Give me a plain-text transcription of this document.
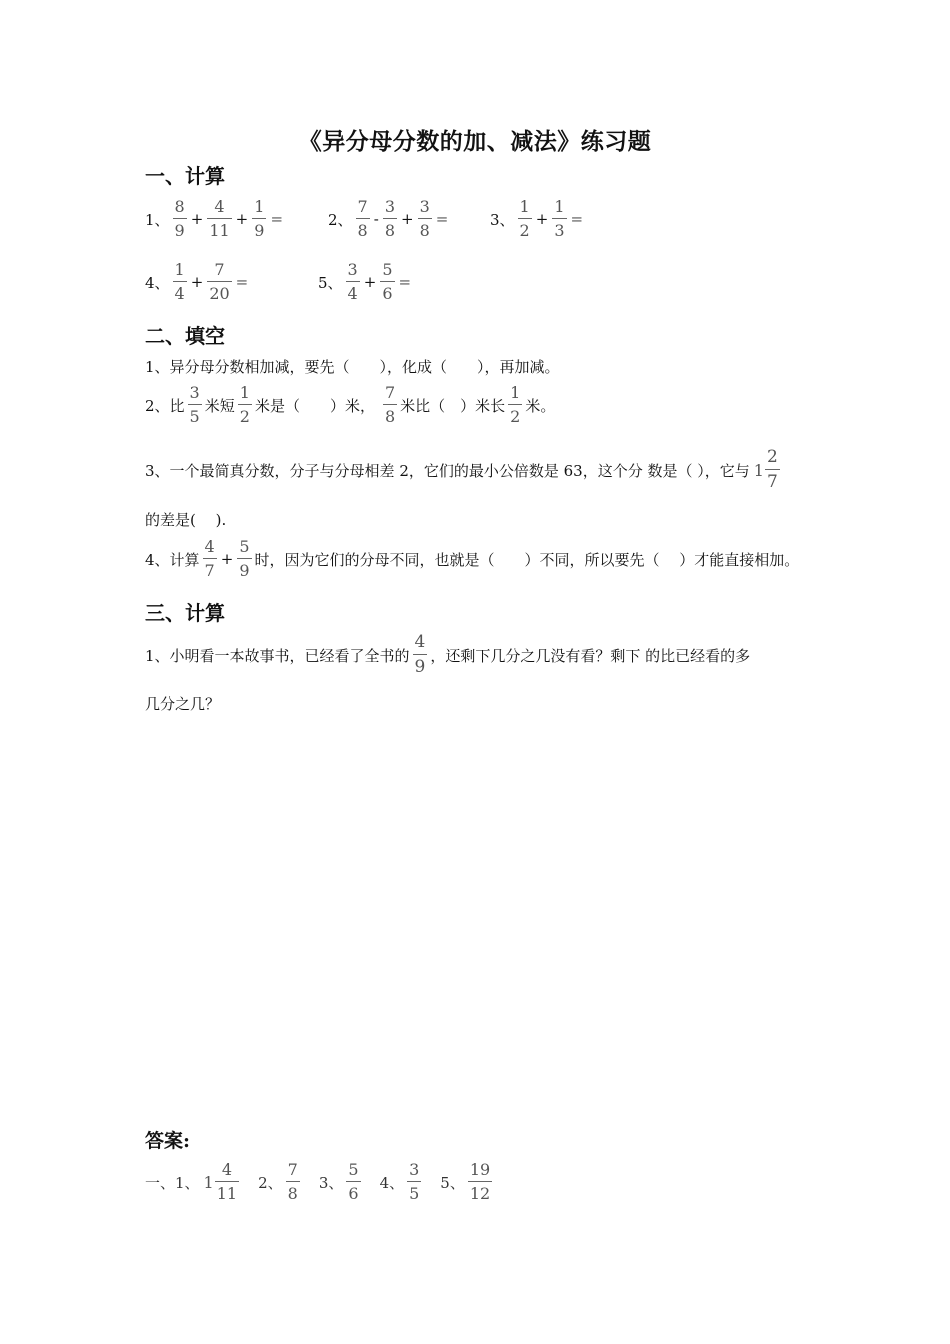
《异分母分数的加、减法》练习题
一、计算
1、 $\frac{8}{9} + \frac{4}{11} + \frac{1}{9}$ =	2、 $\frac{7}{8} - \frac{3}{8} + \frac{3}{8}$ =	3、 $\frac{1}{2} + \frac{1}{3}$ =
4、 $\frac{1}{4} + \frac{7}{20}$ =	5、 $\frac{3}{4} + \frac{5}{6}$ =
二、填空
1、异分母分数相加减，要先（　　），化成（　　），再加减。
2、比 $\frac{3}{5}$ 米短 $\frac{1}{2}$ 米是（　　）米， $\frac{7}{8}$ 米比（　）米长 $\frac{1}{2}$ 米。
3、一个最简真分数，分子与分母相差 2，它们的最小公倍数是 63，这个分 数是（ ），它与 $1 \frac{2}{7}$
的差是(　 ).
4、计算 $\frac{4}{7} + \frac{5}{9}$ 时，因为它们的分母不同，也就是（　　）不同，所以要先（　 ）才能直接相加。
三、计算
1、小明看一本故事书，已经看了全书的 $\frac{4}{9}$ ，还剩下几分之几没有看？剩下 的比已经看的多
几分之几？
答案:
一、1、 $1 \frac{4}{11} 2$、 $\frac{7}{8} 3$、 $\frac{5}{6} 4$、 $\frac{3}{5} 5$、 $\frac{19}{12}$
